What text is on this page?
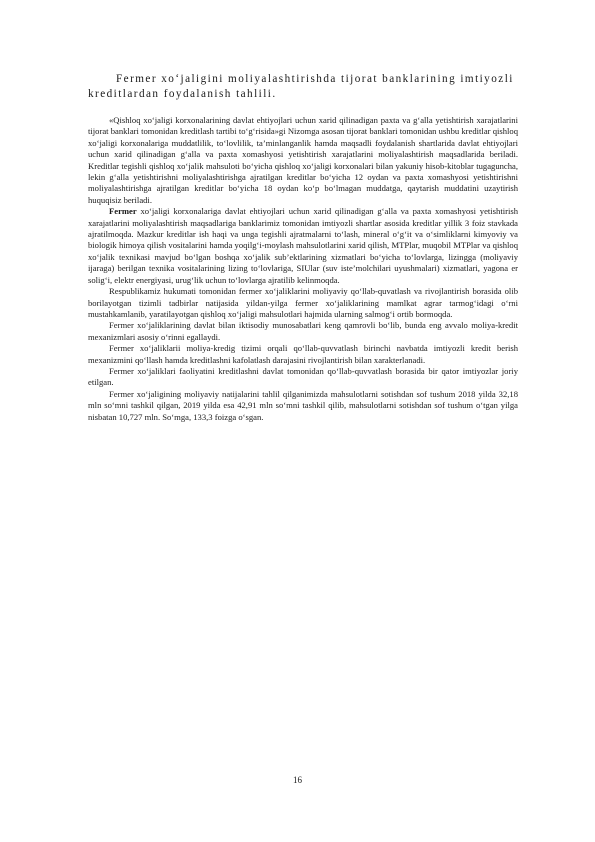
Fermer xo‘jaligini moliyalashtirishda tijorat banklarining imtiyozli
kreditlardan foydalanish tahlili.

«Qishloq xo‘jaligi korxonalarining davlat ehtiyojlari uchun xarid qilinadigan paxta va g‘alla yetishtirish xarajatlarini tijorat banklari tomonidan kreditlash tartibi to‘g‘risida»gi Nizomga asosan tijorat banklari tomonidan ushbu kreditlar qishloq xo‘jaligi korxonalariga muddatlilik, to‘lovlilik, ta’minlanganlik hamda maqsadli foydalanish shartlarida davlat ehtiyojlari uchun xarid qilinadigan g‘alla va paxta xomashyosi yetishtirish xarajatlarini moliyalashtirish maqsadlarida beriladi. Kreditlar tegishli qishloq xo‘jalik mahsuloti bo‘yicha qishloq xo‘jaligi korxonalari bilan yakuniy hisob-kitoblar tugaguncha, lekin g‘alla yetishtirishni moliyalashtirishga ajratilgan kreditlar bo‘yicha 12 oydan va paxta xomashyosi yetishtirishni moliyalashtirishga ajratilgan kreditlar bo‘yicha 18 oydan ko‘p bo‘lmagan muddatga, qaytarish muddatini uzaytirish huquqisiz beriladi.

Fermer xo‘jaligi korxonalariga davlat ehtiyojlari uchun xarid qilinadigan g‘alla va paxta xomashyosi yetishtirish xarajatlarini moliyalashtirish maqsadlariga banklarimiz tomonidan imtiyozli shartlar asosida kreditlar yillik 3 foiz stavkada ajratilmoqda. Mazkur kreditlar ish haqi va unga tegishli ajratmalarni to‘lash, mineral o‘g‘it va o‘simliklarni kimyoviy va biologik himoya qilish vositalarini hamda yoqilg‘i-moylash mahsulotlarini xarid qilish, MTPlar, muqobil MTPlar va qishloq xo‘jalik texnikasi mavjud bo‘lgan boshqa xo‘jalik sub’ektlarining xizmatlari bo‘yicha to‘lovlarga, lizingga (moliyaviy ijaraga) berilgan texnika vositalarining lizing to‘lovlariga, SIUlar (suv iste’molchilari uyushmalari) xizmatlari, yagona er solig‘i, elektr energiyasi, urug‘lik uchun to‘lovlarga ajratilib kelinmoqda.

Respublikamiz hukumati tomonidan fermer xo‘jaliklarini moliyaviy qo‘llab-quvatlash va rivojlantirish borasida olib borilayotgan tizimli tadbirlar natijasida yildan-yilga fermer xo‘jaliklarining mamlkat agrar tarmog‘idagi o‘rni mustahkamlanib, yaratilayotgan qishloq xo‘jaligi mahsulotlari hajmida ularning salmog‘i ortib bormoqda.

Fermer xo‘jaliklarining davlat bilan iktisodiy munosabatlari keng qamrovli bo‘lib, bunda eng avvalo moliya-kredit mexanizmlari asosiy o‘rinni egallaydi.

Fermer xo‘jaliklarii moliya-kredig tizimi orqali qo‘llab-quvvatlash birinchi navbatda imtiyozli kredit berish mexanizmini qo‘llash hamda kreditlashni kafolatlash darajasini rivojlantirish bilan xarakterlanadi.

Fermer xo‘jaliklari faoliyatini kreditlashni davlat tomonidan qo‘llab-quvvatlash borasida bir qator imtiyozlar joriy etilgan.

Fermer xo‘jaligining moliyaviy natijalarini tahlil qilganimizda mahsulotlarni sotishdan sof tushum 2018 yilda 32,18 mln so‘mni tashkil qilgan, 2019 yilda esa 42,91 mln so‘mni tashkil qilib, mahsulotlarni sotishdan sof tushum o‘tgan yilga nisbatan 10,727 mln. So‘mga, 133,3 foizga o‘sgan.

16
